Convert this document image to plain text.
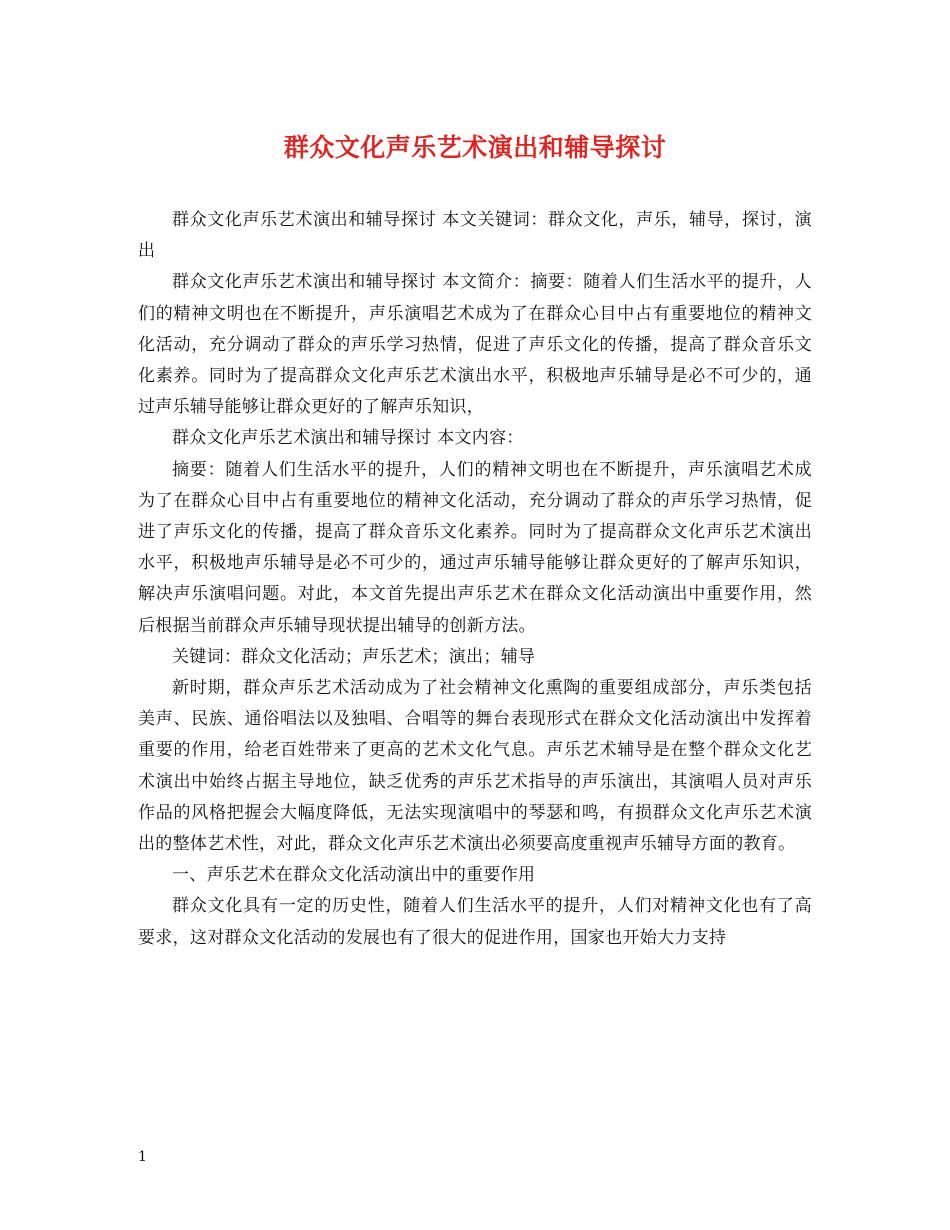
群众文化声乐艺术演出和辅导探讨

群众文化声乐艺术演出和辅导探讨 本文关键词：群众文化，声乐，辅导，探讨，演出

群众文化声乐艺术演出和辅导探讨 本文简介：摘要：随着人们生活水平的提升，人们的精神文明也在不断提升，声乐演唱艺术成为了在群众心目中占有重要地位的精神文化活动，充分调动了群众的声乐学习热情，促进了声乐文化的传播，提高了群众音乐文化素养。同时为了提高群众文化声乐艺术演出水平，积极地声乐辅导是必不可少的，通过声乐辅导能够让群众更好的了解声乐知识，

群众文化声乐艺术演出和辅导探讨 本文内容：

摘要：随着人们生活水平的提升，人们的精神文明也在不断提升，声乐演唱艺术成为了在群众心目中占有重要地位的精神文化活动，充分调动了群众的声乐学习热情，促进了声乐文化的传播，提高了群众音乐文化素养。同时为了提高群众文化声乐艺术演出水平，积极地声乐辅导是必不可少的，通过声乐辅导能够让群众更好的了解声乐知识，解决声乐演唱问题。对此，本文首先提出声乐艺术在群众文化活动演出中重要作用，然后根据当前群众声乐辅导现状提出辅导的创新方法。

关键词：群众文化活动；声乐艺术；演出；辅导

新时期，群众声乐艺术活动成为了社会精神文化熏陶的重要组成部分，声乐类包括美声、民族、通俗唱法以及独唱、合唱等的舞台表现形式在群众文化活动演出中发挥着重要的作用，给老百姓带来了更高的艺术文化气息。声乐艺术辅导是在整个群众文化艺术演出中始终占据主导地位，缺乏优秀的声乐艺术指导的声乐演出，其演唱人员对声乐作品的风格把握会大幅度降低，无法实现演唱中的琴瑟和鸣，有损群众文化声乐艺术演出的整体艺术性，对此，群众文化声乐艺术演出必须要高度重视声乐辅导方面的教育。

一、声乐艺术在群众文化活动演出中的重要作用

群众文化具有一定的历史性，随着人们生活水平的提升，人们对精神文化也有了高要求，这对群众文化活动的发展也有了很大的促进作用，国家也开始大力支持

1
